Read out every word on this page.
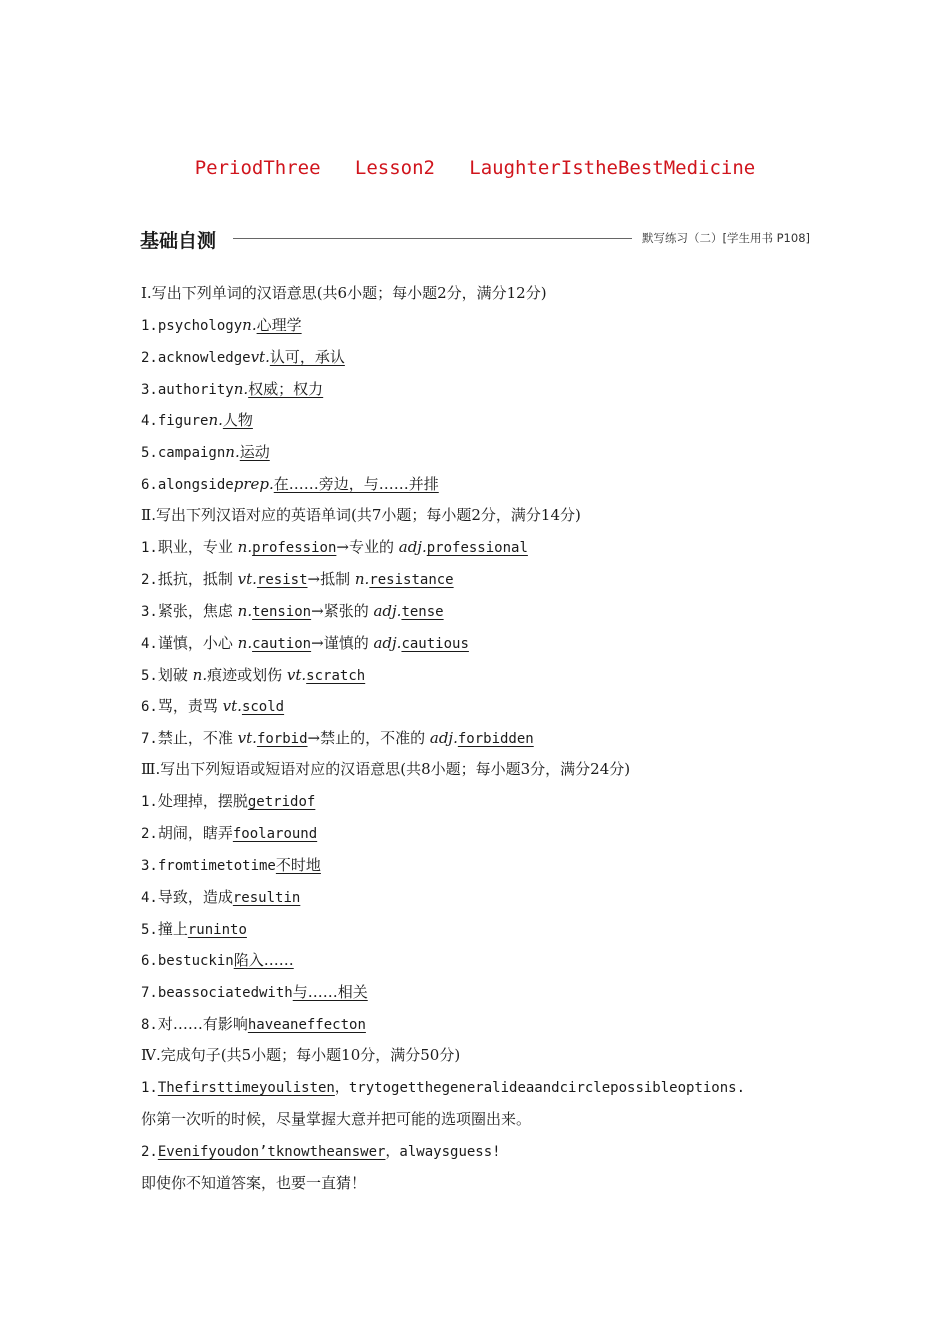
PeriodThree   Lesson2   LaughterIstheBestMedicine
基础自测	默写练习（二）[学生用书 P108]
Ⅰ.写出下列单词的汉语意思(共6小题；每小题2分，满分12分)
1.psychologyn.心理学
2.acknowledgevt.认可，承认
3.authorityn.权威；权力
4.figuren.人物
5.campaignn.运动
6.alongsideprep.在……旁边，与……并排
Ⅱ.写出下列汉语对应的英语单词(共7小题；每小题2分，满分14分)
1.职业，专业 n.profession→专业的 adj.professional
2.抵抗，抵制 vt.resist→抵制 n.resistance
3.紧张，焦虑 n.tension→紧张的 adj.tense
4.谨慎，小心 n.caution→谨慎的 adj.cautious
5.划破 n.痕迹或划伤 vt.scratch
6.骂，责骂 vt.scold
7.禁止，不准 vt.forbid→禁止的，不准的 adj.forbidden
Ⅲ.写出下列短语或短语对应的汉语意思(共8小题；每小题3分，满分24分)
1.处理掉，摆脱getridof
2.胡闹，瞎弄foolaround
3.fromtimetotime不时地
4.导致，造成resultin
5.撞上runinto
6.bestuckin陷入……
7.beassociatedwith与……相关
8.对……有影响haveaneffecton
Ⅳ.完成句子(共5小题；每小题10分，满分50分)
1.Thefirsttimeyoulisten，trytogetthegeneralideaandcirclepossibleoptions.
你第一次听的时候，尽量掌握大意并把可能的选项圈出来。
2.Evenifyoudon’tknowtheanswer，alwaysguess!
即使你不知道答案，也要一直猜！
